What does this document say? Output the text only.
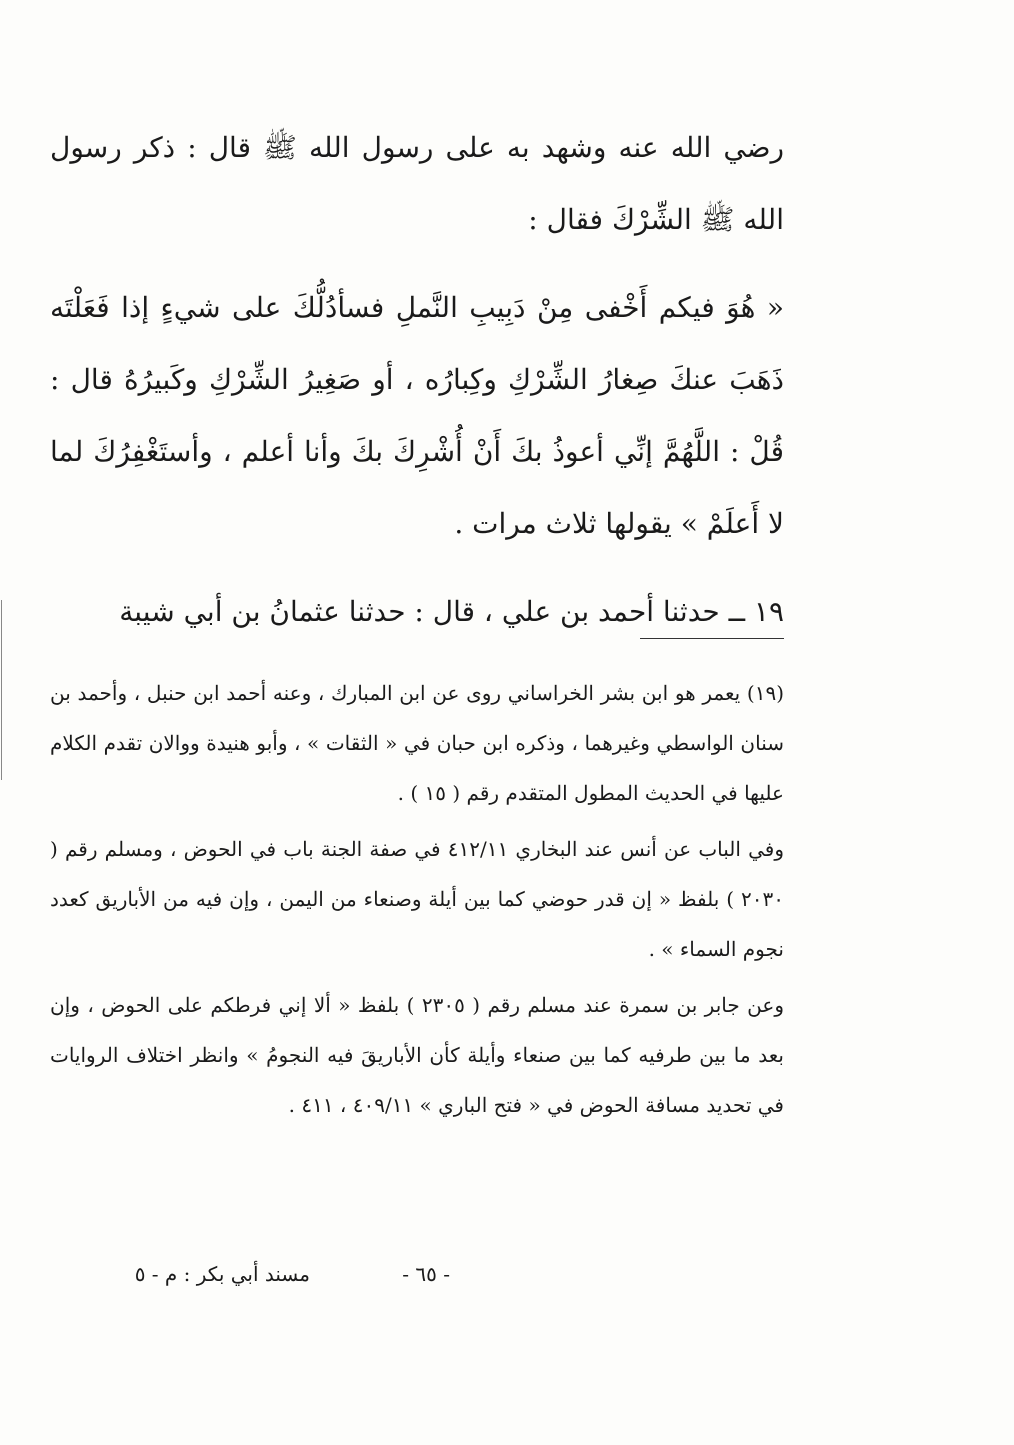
رضي الله عنه وشهد به على رسول الله ﷺ قال : ذكر رسول الله ﷺ الشِّرْكَ فقال :

« هُوَ فيكم أَخْفى مِنْ دَبِيبِ النَّملِ فسأدُلُّكَ على شيءٍ إذا فَعَلْتَه ذَهَبَ عنكَ صِغارُ الشِّرْكِ وكِبارُه ، أو صَغِيرُ الشِّرْكِ وكَبيرُهُ قال : قُلْ : اللَّهُمَّ إنِّي أعوذُ بكَ أَنْ أُشْرِكَ بكَ وأنا أعلم ، وأستَغْفِرُكَ لما لا أَعلَمْ » يقولها ثلاث مرات .

١٩ ــ حدثنا أحمد بن علي ، قال : حدثنا عثمانُ بن أبي شيبة

(١٩) يعمر هو ابن بشر الخراساني روى عن ابن المبارك ، وعنه أحمد ابن حنبل ، وأحمد بن سنان الواسطي وغيرهما ، وذكره ابن حبان في « الثقات » ، وأبو هنيدة ووالان تقدم الكلام عليها في الحديث المطول المتقدم رقم ( ١٥ ) .

وفي الباب عن أنس عند البخاري ٤١٢/١١ في صفة الجنة باب في الحوض ، ومسلم رقم ( ٢٠٣٠ ) بلفظ « إن قدر حوضي كما بين أيلة وصنعاء من اليمن ، وإن فيه من الأباريق كعدد نجوم السماء » .

وعن جابر بن سمرة عند مسلم رقم ( ٢٣٠٥ ) بلفظ « ألا إني فرطكم على الحوض ، وإن بعد ما بين طرفيه كما بين صنعاء وأيلة كأن الأباريقَ فيه النجومُ » وانظر اختلاف الروايات في تحديد مسافة الحوض في « فتح الباري » ٤٠٩/١١ ، ٤١١ .

- ٦٥ -
مسند أبي بكر : م - ٥
